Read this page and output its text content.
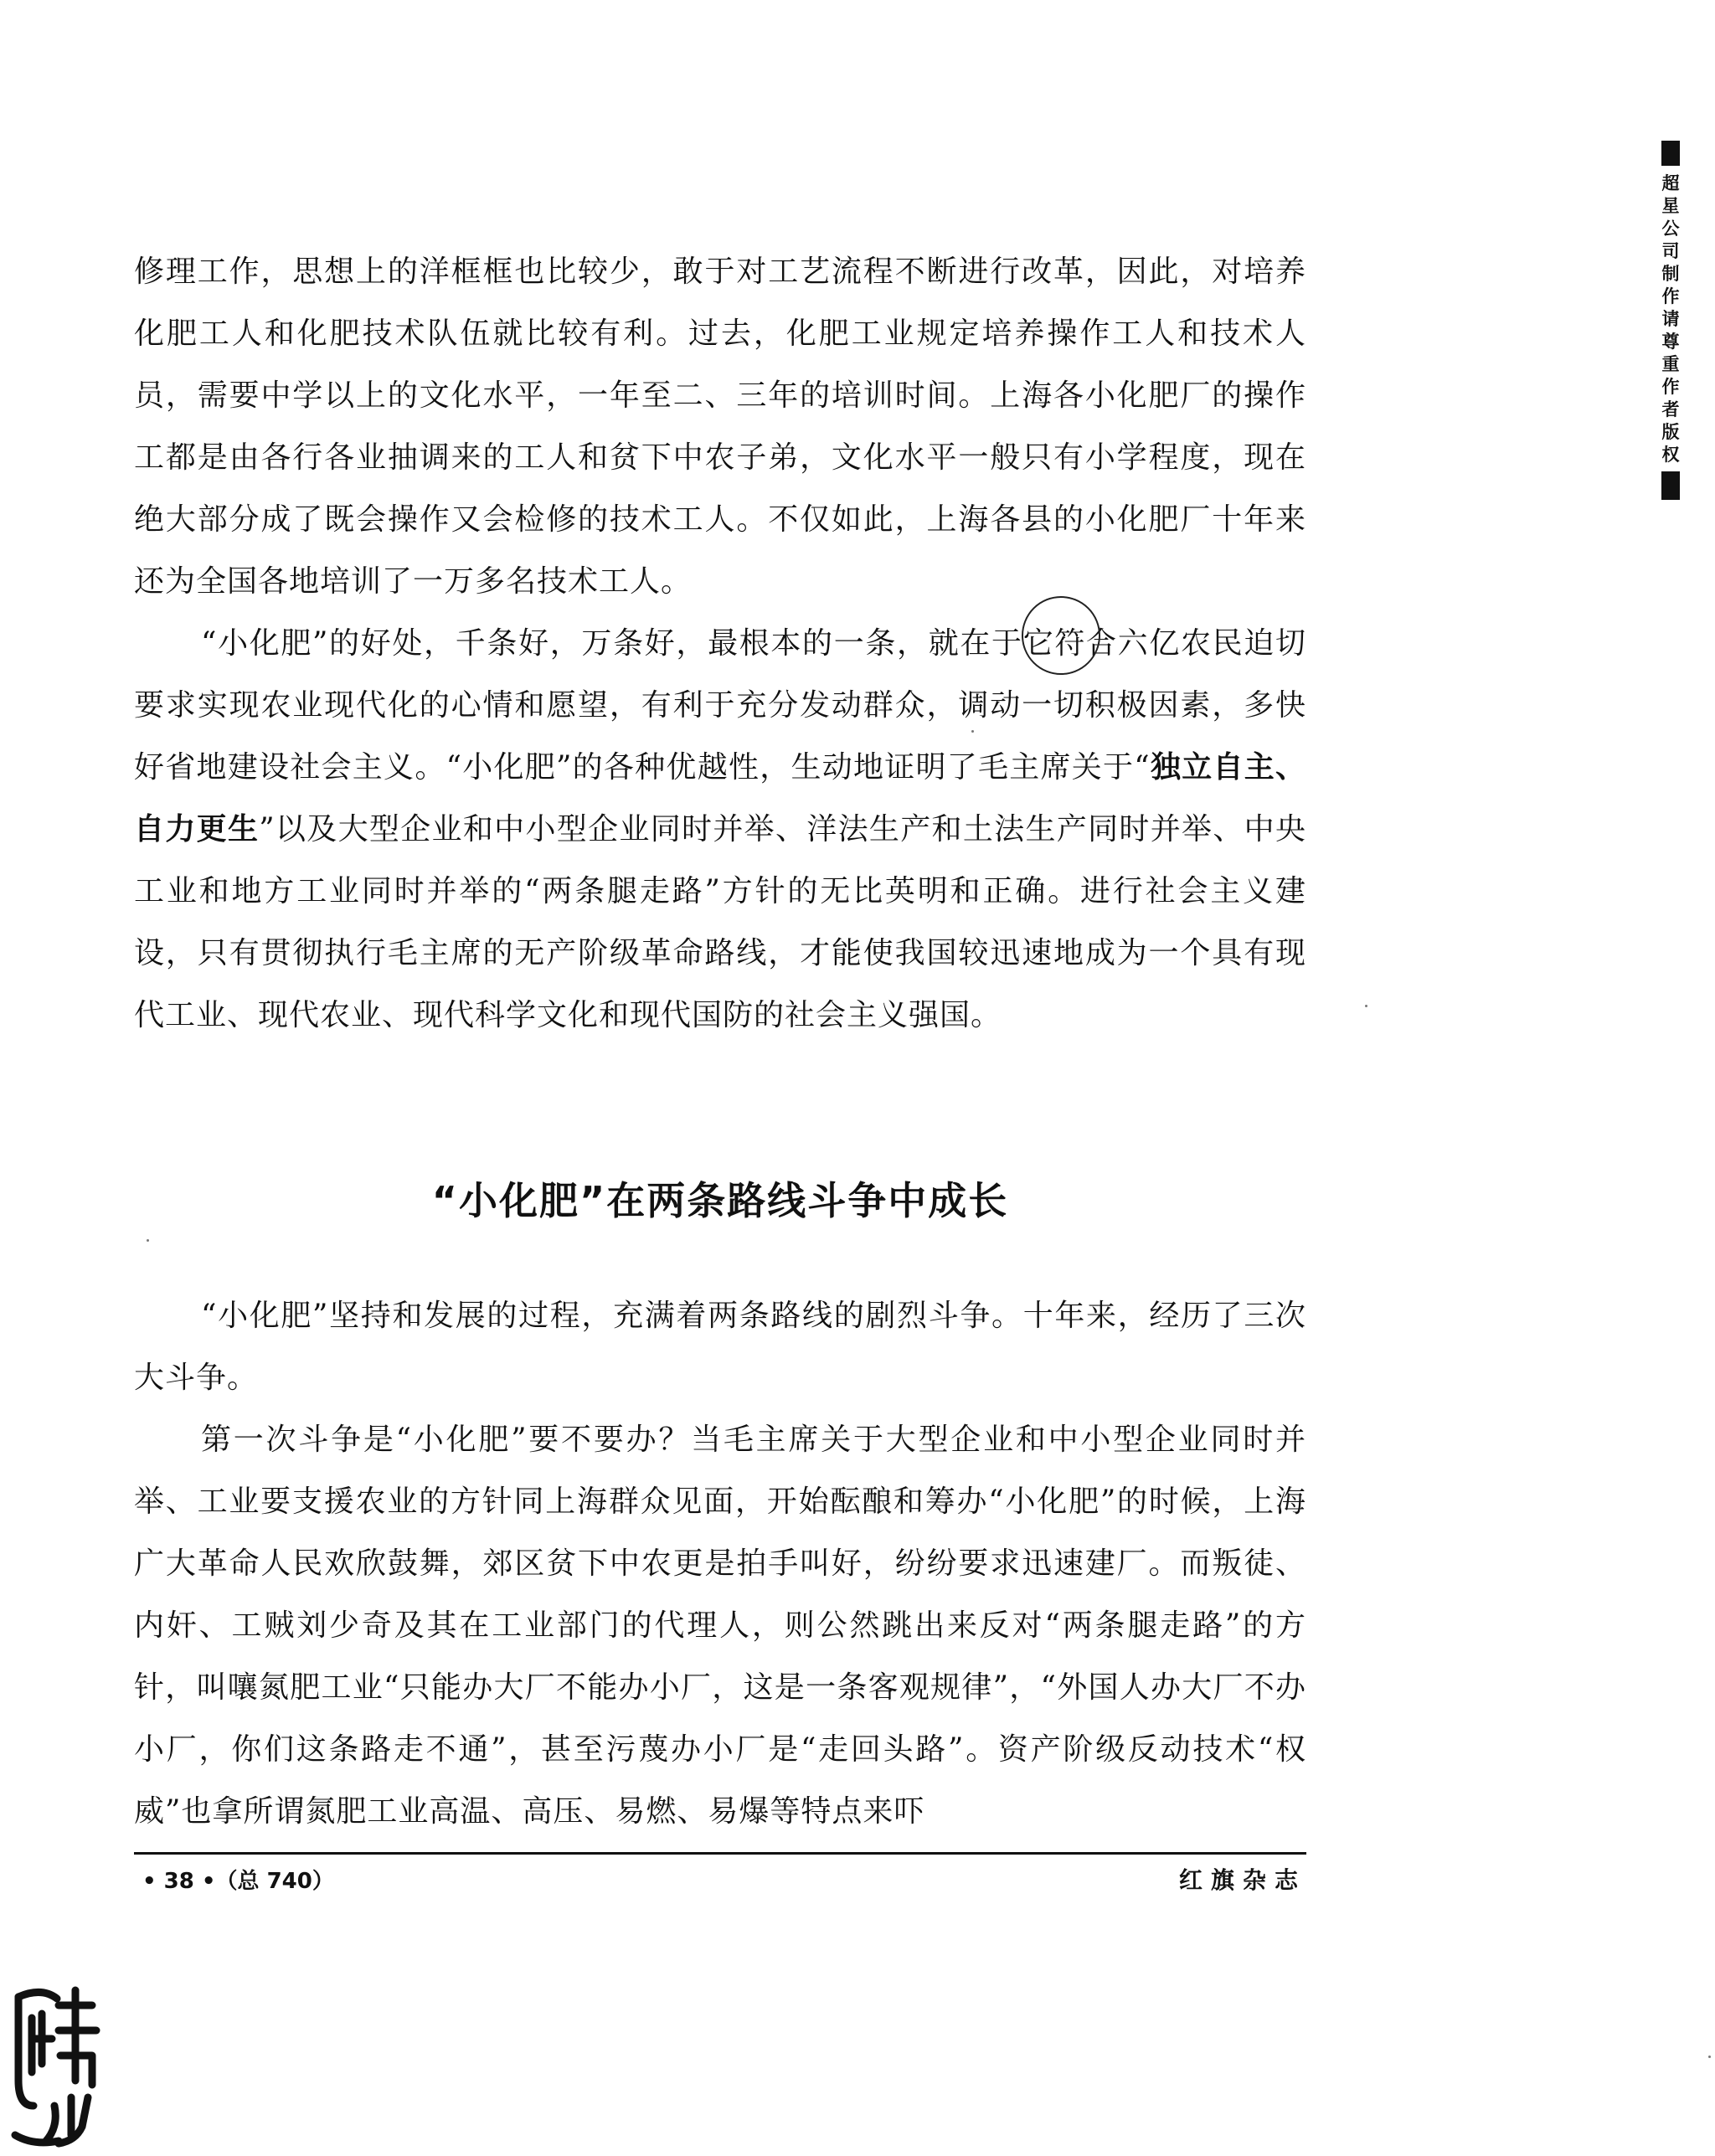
修理工作，思想上的洋框框也比较少，敢于对工艺流程不断进行改革，因此，对培养化肥工人和化肥技术队伍就比较有利。过去，化肥工业规定培养操作工人和技术人员，需要中学以上的文化水平，一年至二、三年的培训时间。上海各小化肥厂的操作工都是由各行各业抽调来的工人和贫下中农子弟，文化水平一般只有小学程度，现在绝大部分成了既会操作又会检修的技术工人。不仅如此，上海各县的小化肥厂十年来还为全国各地培训了一万多名技术工人。

“小化肥”的好处，千条好，万条好，最根本的一条，就在于它符合六亿农民迫切要求实现农业现代化的心情和愿望，有利于充分发动群众，调动一切积极因素，多快好省地建设社会主义。“小化肥”的各种优越性，生动地证明了毛主席关于“独立自主、自力更生”以及大型企业和中小型企业同时并举、洋法生产和土法生产同时并举、中央工业和地方工业同时并举的“两条腿走路”方针的无比英明和正确。进行社会主义建设，只有贯彻执行毛主席的无产阶级革命路线，才能使我国较迅速地成为一个具有现代工业、现代农业、现代科学文化和现代国防的社会主义强国。

“小化肥”在两条路线斗争中成长

“小化肥”坚持和发展的过程，充满着两条路线的剧烈斗争。十年来，经历了三次大斗争。

第一次斗争是“小化肥”要不要办？当毛主席关于大型企业和中小型企业同时并举、工业要支援农业的方针同上海群众见面，开始酝酿和筹办“小化肥”的时候，上海广大革命人民欢欣鼓舞，郊区贫下中农更是拍手叫好，纷纷要求迅速建厂。而叛徒、内奸、工贼刘少奇及其在工业部门的代理人，则公然跳出来反对“两条腿走路”的方针，叫嚷氮肥工业“只能办大厂不能办小厂，这是一条客观规律”，“外国人办大厂不办小厂，你们这条路走不通”，甚至污蔑办小厂是“走回头路”。资产阶级反动技术“权威”也拿所谓氮肥工业高温、高压、易燃、易爆等特点来吓

• 38 •（总 740）	红旗杂志
超星公司制作请尊重作者版权
